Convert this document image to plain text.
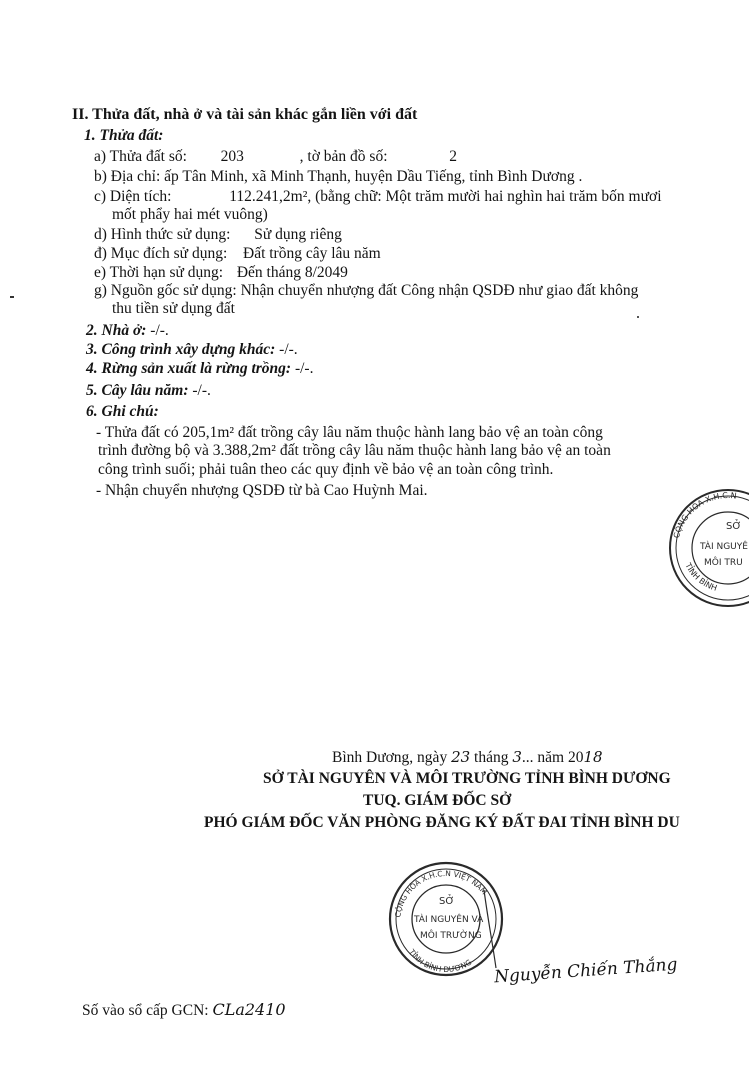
II. Thửa đất, nhà ở và tài sản khác gắn liền với đất
1. Thửa đất:
a) Thửa đất số: 203	, tờ bản đồ số:	2
b) Địa chỉ: ấp Tân Minh, xã Minh Thạnh, huyện Dầu Tiếng, tỉnh Bình Dương .
c) Diện tích:	112.241,2m², (bằng chữ: Một trăm mười hai nghìn hai trăm bốn mươi
mốt phẩy hai mét vuông)
d) Hình thức sử dụng: Sử dụng riêng
đ) Mục đích sử dụng: Đất trồng cây lâu năm
e) Thời hạn sử dụng: Đến tháng 8/2049
g) Nguồn gốc sử dụng: Nhận chuyển nhượng đất Công nhận QSDĐ như giao đất không
thu tiền sử dụng đất
2. Nhà ở: -/-.
3. Công trình xây dựng khác: -/-.
4. Rừng sản xuất là rừng trồng: -/-.
5. Cây lâu năm: -/-.
6. Ghi chú:
- Thửa đất có 205,1m² đất trồng cây lâu năm thuộc hành lang bảo vệ an toàn công
trình đường bộ và 3.388,2m² đất trồng cây lâu năm thuộc hành lang bảo vệ an toàn
công trình suối; phải tuân theo các quy định về bảo vệ an toàn công trình.
- Nhận chuyển nhượng QSDĐ từ bà Cao Huỳnh Mai.
CỘNG HÒA X.H.C.N
TỈNH BÌNH
SỞ
TÀI NGUYÊ
MÔI TRU
Bình Dương, ngày 23 tháng 3... năm 2018
SỞ TÀI NGUYÊN VÀ MÔI TRƯỜNG TỈNH BÌNH DƯƠNG
TUQ. GIÁM ĐỐC SỞ
PHÓ GIÁM ĐỐC VĂN PHÒNG ĐĂNG KÝ ĐẤT ĐAI TỈNH BÌNH DU
CỘNG HÒA X.H.C.N VIỆT NAM
TỈNH BÌNH DƯƠNG
SỞ
TÀI NGUYÊN VÀ
MÔI TRƯỜNG
Nguyễn Chiến Thắng
Số vào sổ cấp GCN: CLa2410
